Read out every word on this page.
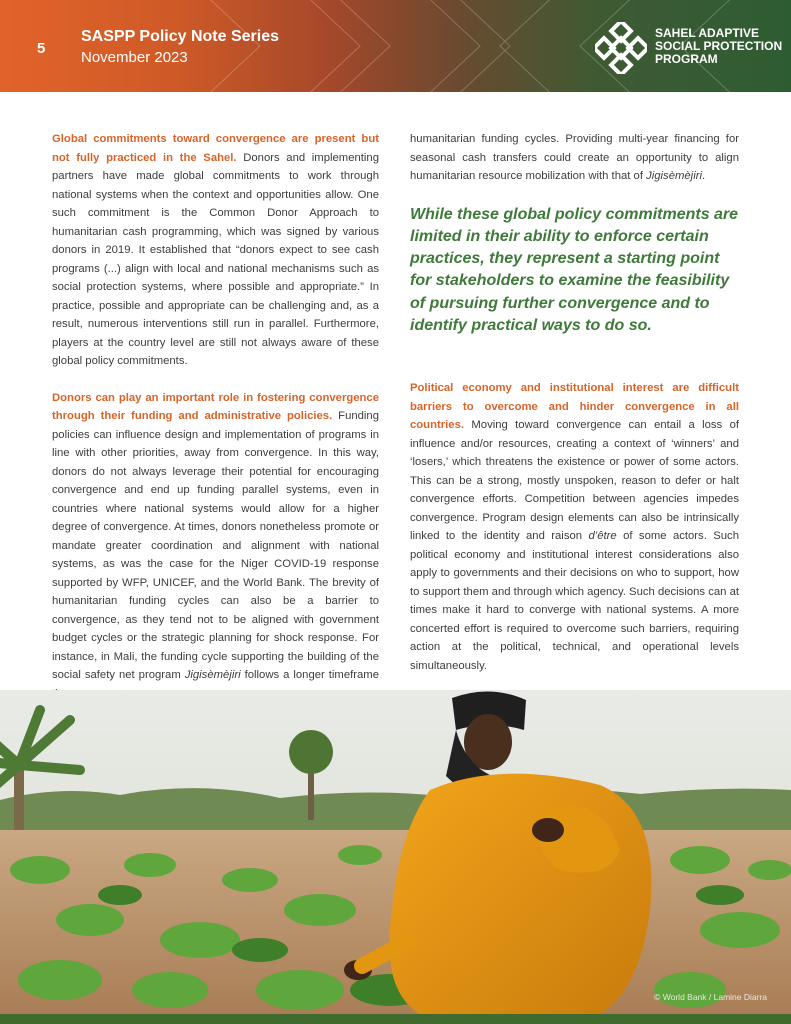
5
SASPP Policy Note Series
November 2023
SAHEL ADAPTIVE
SOCIAL PROTECTION
PROGRAM

Global commitments toward convergence are present but not fully practiced in the Sahel. Donors and implementing partners have made global commitments to work through national systems when the context and opportunities allow. One such commitment is the Common Donor Approach to humanitarian cash programming, which was signed by various donors in 2019. It established that “donors expect to see cash programs (...) align with local and national mechanisms such as social protection systems, where possible and appropriate.” In practice, possible and appropriate can be challenging and, as a result, numerous interventions still run in parallel. Furthermore, players at the country level are still not always aware of these global policy commitments.

Donors can play an important role in fostering convergence through their funding and administrative policies. Funding policies can influence design and implementation of programs in line with other priorities, away from convergence. In this way, donors do not always leverage their potential for encouraging convergence and end up funding parallel systems, even in countries where national systems would allow for a higher degree of convergence. At times, donors nonetheless promote or mandate greater coordination and alignment with national systems, as was the case for the Niger COVID-19 response supported by WFP, UNICEF, and the World Bank. The brevity of humanitarian funding cycles can also be a barrier to convergence, as they tend not to be aligned with government budget cycles or the strategic planning for shock response. For instance, in Mali, the funding cycle supporting the building of the social safety net program Jigisèmèjiri follows a longer timeframe

humanitarian funding cycles. Providing multi-year financing for seasonal cash transfers could create an opportunity to align humanitarian resource mobilization with that of Jigisèmèjiri.

While these global policy commitments are limited in their ability to enforce certain practices, they represent a starting point for stakeholders to examine the feasibility of pursuing further convergence and to identify practical ways to do so.

Political economy and institutional interest are difficult barriers to overcome and hinder convergence in all countries. Moving toward convergence can entail a loss of influence and/or resources, creating a context of ‘winners’ and ‘losers,’ which threatens the existence or power of some actors. This can be a strong, mostly unspoken, reason to defer or halt convergence efforts. Competition between agencies impedes convergence. Program design elements can also be intrinsically linked to the identity and raison d’être of some actors. Such political economy and institutional interest considerations also apply to governments and their decisions on who to support, how to support them and through which agency. Such decisions can at times make it hard to converge with national systems. A more concerted effort is required to overcome such barriers, requiring action at the political, technical, and operational levels simultaneously.

© World Bank / Lamine Diarra
